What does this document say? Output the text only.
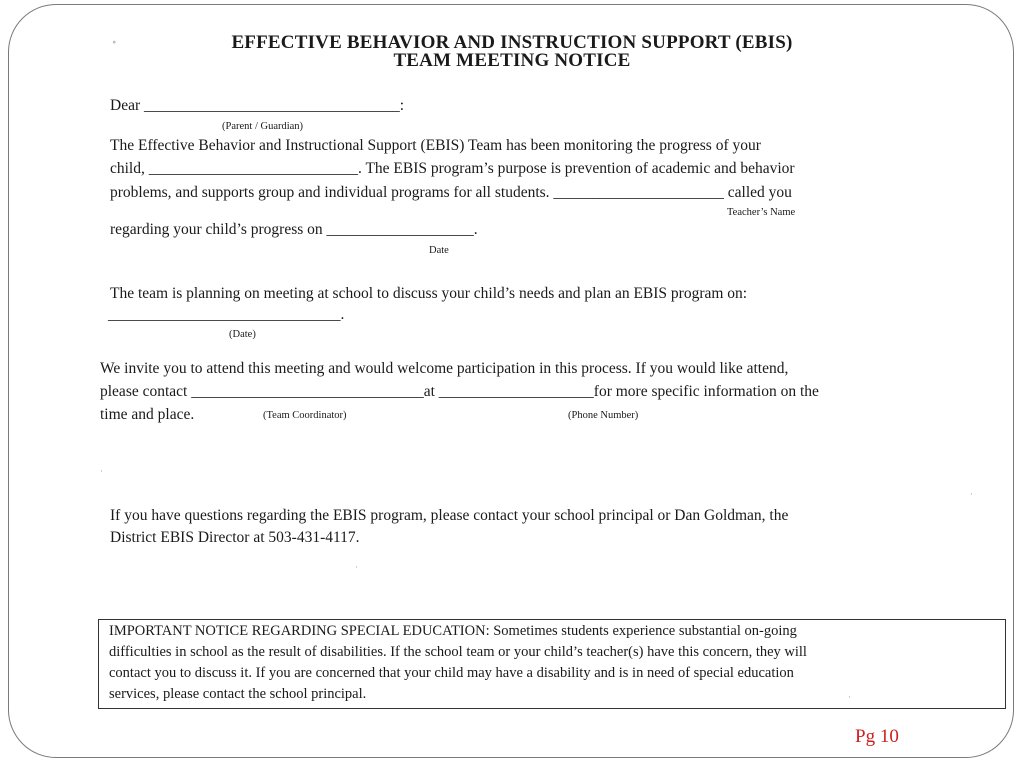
EFFECTIVE BEHAVIOR AND INSTRUCTION SUPPORT (EBIS)
TEAM MEETING NOTICE
Dear _________________________________:
(Parent / Guardian)
The Effective Behavior and Instructional Support (EBIS) Team has been monitoring the progress of your
child, ___________________________. The EBIS program’s purpose is prevention of academic and behavior
problems, and supports group and individual programs for all students. ______________________ called you
Teacher’s Name
regarding your child’s progress on ___________________.
Date
The team is planning on meeting at school to discuss your child’s needs and plan an EBIS program on:
______________________________.
(Date)
We invite you to attend this meeting and would welcome participation in this process. If you would like attend,
please contact ______________________________at ____________________for more specific information on the
time and place.	(Team Coordinator)	(Phone Number)
If you have questions regarding the EBIS program, please contact your school principal or Dan Goldman, the
District EBIS Director at 503-431-4117.
IMPORTANT NOTICE REGARDING SPECIAL EDUCATION: Sometimes students experience substantial on-going
difficulties in school as the result of disabilities. If the school team or your child’s teacher(s) have this concern, they will
contact you to discuss it. If you are concerned that your child may have a disability and is in need of special education
services, please contact the school principal.
Pg 10
∘
·
·
·
·
